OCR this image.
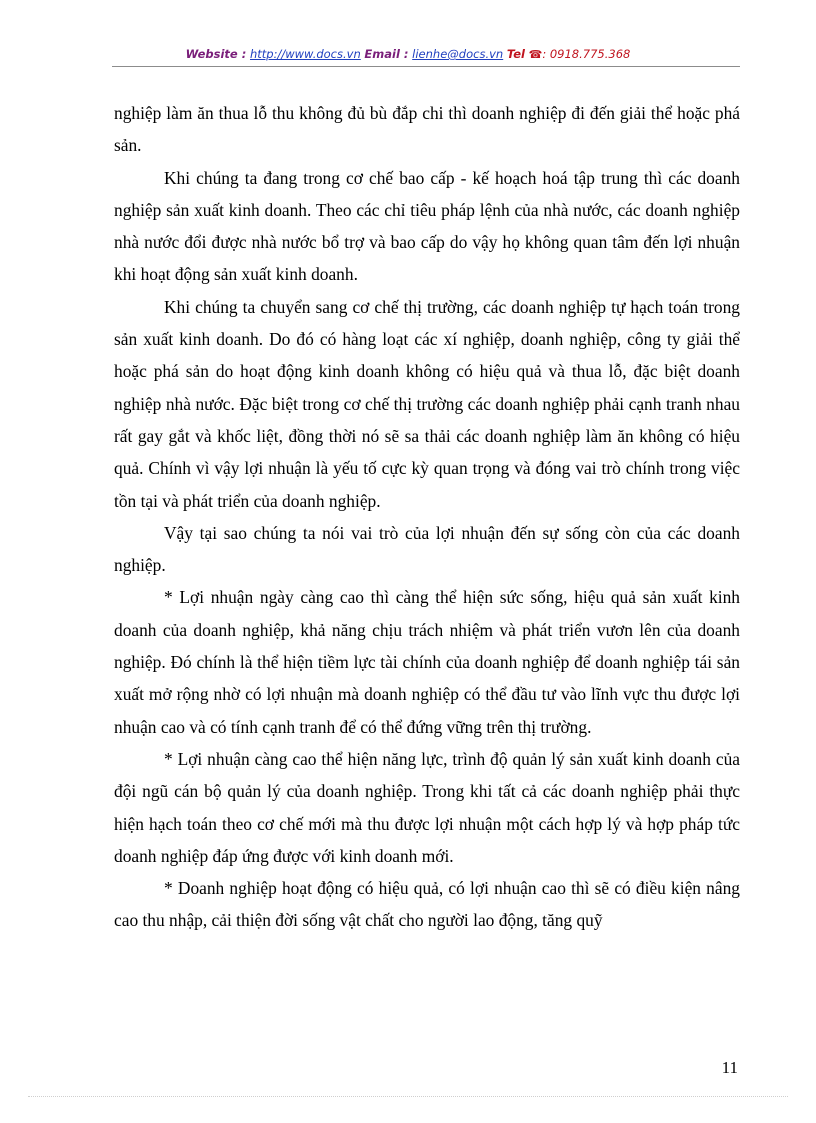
Website : http://www.docs.vn Email : lienhe@docs.vn Tel ☎: 0918.775.368

nghiệp làm ăn thua lỗ thu không đủ bù đắp chi thì doanh nghiệp đi đến giải thể hoặc phá sản.

Khi chúng ta đang trong cơ chế bao cấp - kế hoạch hoá tập trung thì các doanh nghiệp sản xuất kinh doanh. Theo các chỉ tiêu pháp lệnh của nhà nước, các doanh nghiệp nhà nước đổi được nhà nước bổ trợ và bao cấp do vậy họ không quan tâm đến lợi nhuận khi hoạt động sản xuất kinh doanh.

Khi chúng ta chuyển sang cơ chế thị trường, các doanh nghiệp tự hạch toán trong sản xuất kinh doanh. Do đó có hàng loạt các xí nghiệp, doanh nghiệp, công ty giải thể hoặc phá sản do hoạt động kinh doanh không có hiệu quả và thua lỗ, đặc biệt doanh nghiệp nhà nước. Đặc biệt trong cơ chế thị trường các doanh nghiệp phải cạnh tranh nhau rất gay gắt và khốc liệt, đồng thời nó sẽ sa thải các doanh nghiệp làm ăn không có hiệu quả. Chính vì vậy lợi nhuận là yếu tố cực kỳ quan trọng và đóng vai trò chính trong việc tồn tại và phát triển của doanh nghiệp.

Vậy tại sao chúng ta nói vai trò của lợi nhuận đến sự sống còn của các doanh nghiệp.

* Lợi nhuận ngày càng cao thì càng thể hiện sức sống, hiệu quả sản xuất kinh doanh của doanh nghiệp, khả năng chịu trách nhiệm và phát triển vươn lên của doanh nghiệp. Đó chính là thể hiện tiềm lực tài chính của doanh nghiệp để doanh nghiệp tái sản xuất mở rộng nhờ có lợi nhuận mà doanh nghiệp có thể đầu tư vào lĩnh vực thu được lợi nhuận cao và có tính cạnh tranh để có thể đứng vững trên thị trường.

* Lợi nhuận càng cao thể hiện năng lực, trình độ quản lý sản xuất kinh doanh của đội ngũ cán bộ quản lý của doanh nghiệp. Trong khi tất cả các doanh nghiệp phải thực hiện hạch toán theo cơ chế mới mà thu được lợi nhuận một cách hợp lý và hợp pháp tức doanh nghiệp đáp ứng được với kinh doanh mới.

* Doanh nghiệp hoạt động có hiệu quả, có lợi nhuận cao thì sẽ có điều kiện nâng cao thu nhập, cải thiện đời sống vật chất cho người lao động, tăng quỹ

11
